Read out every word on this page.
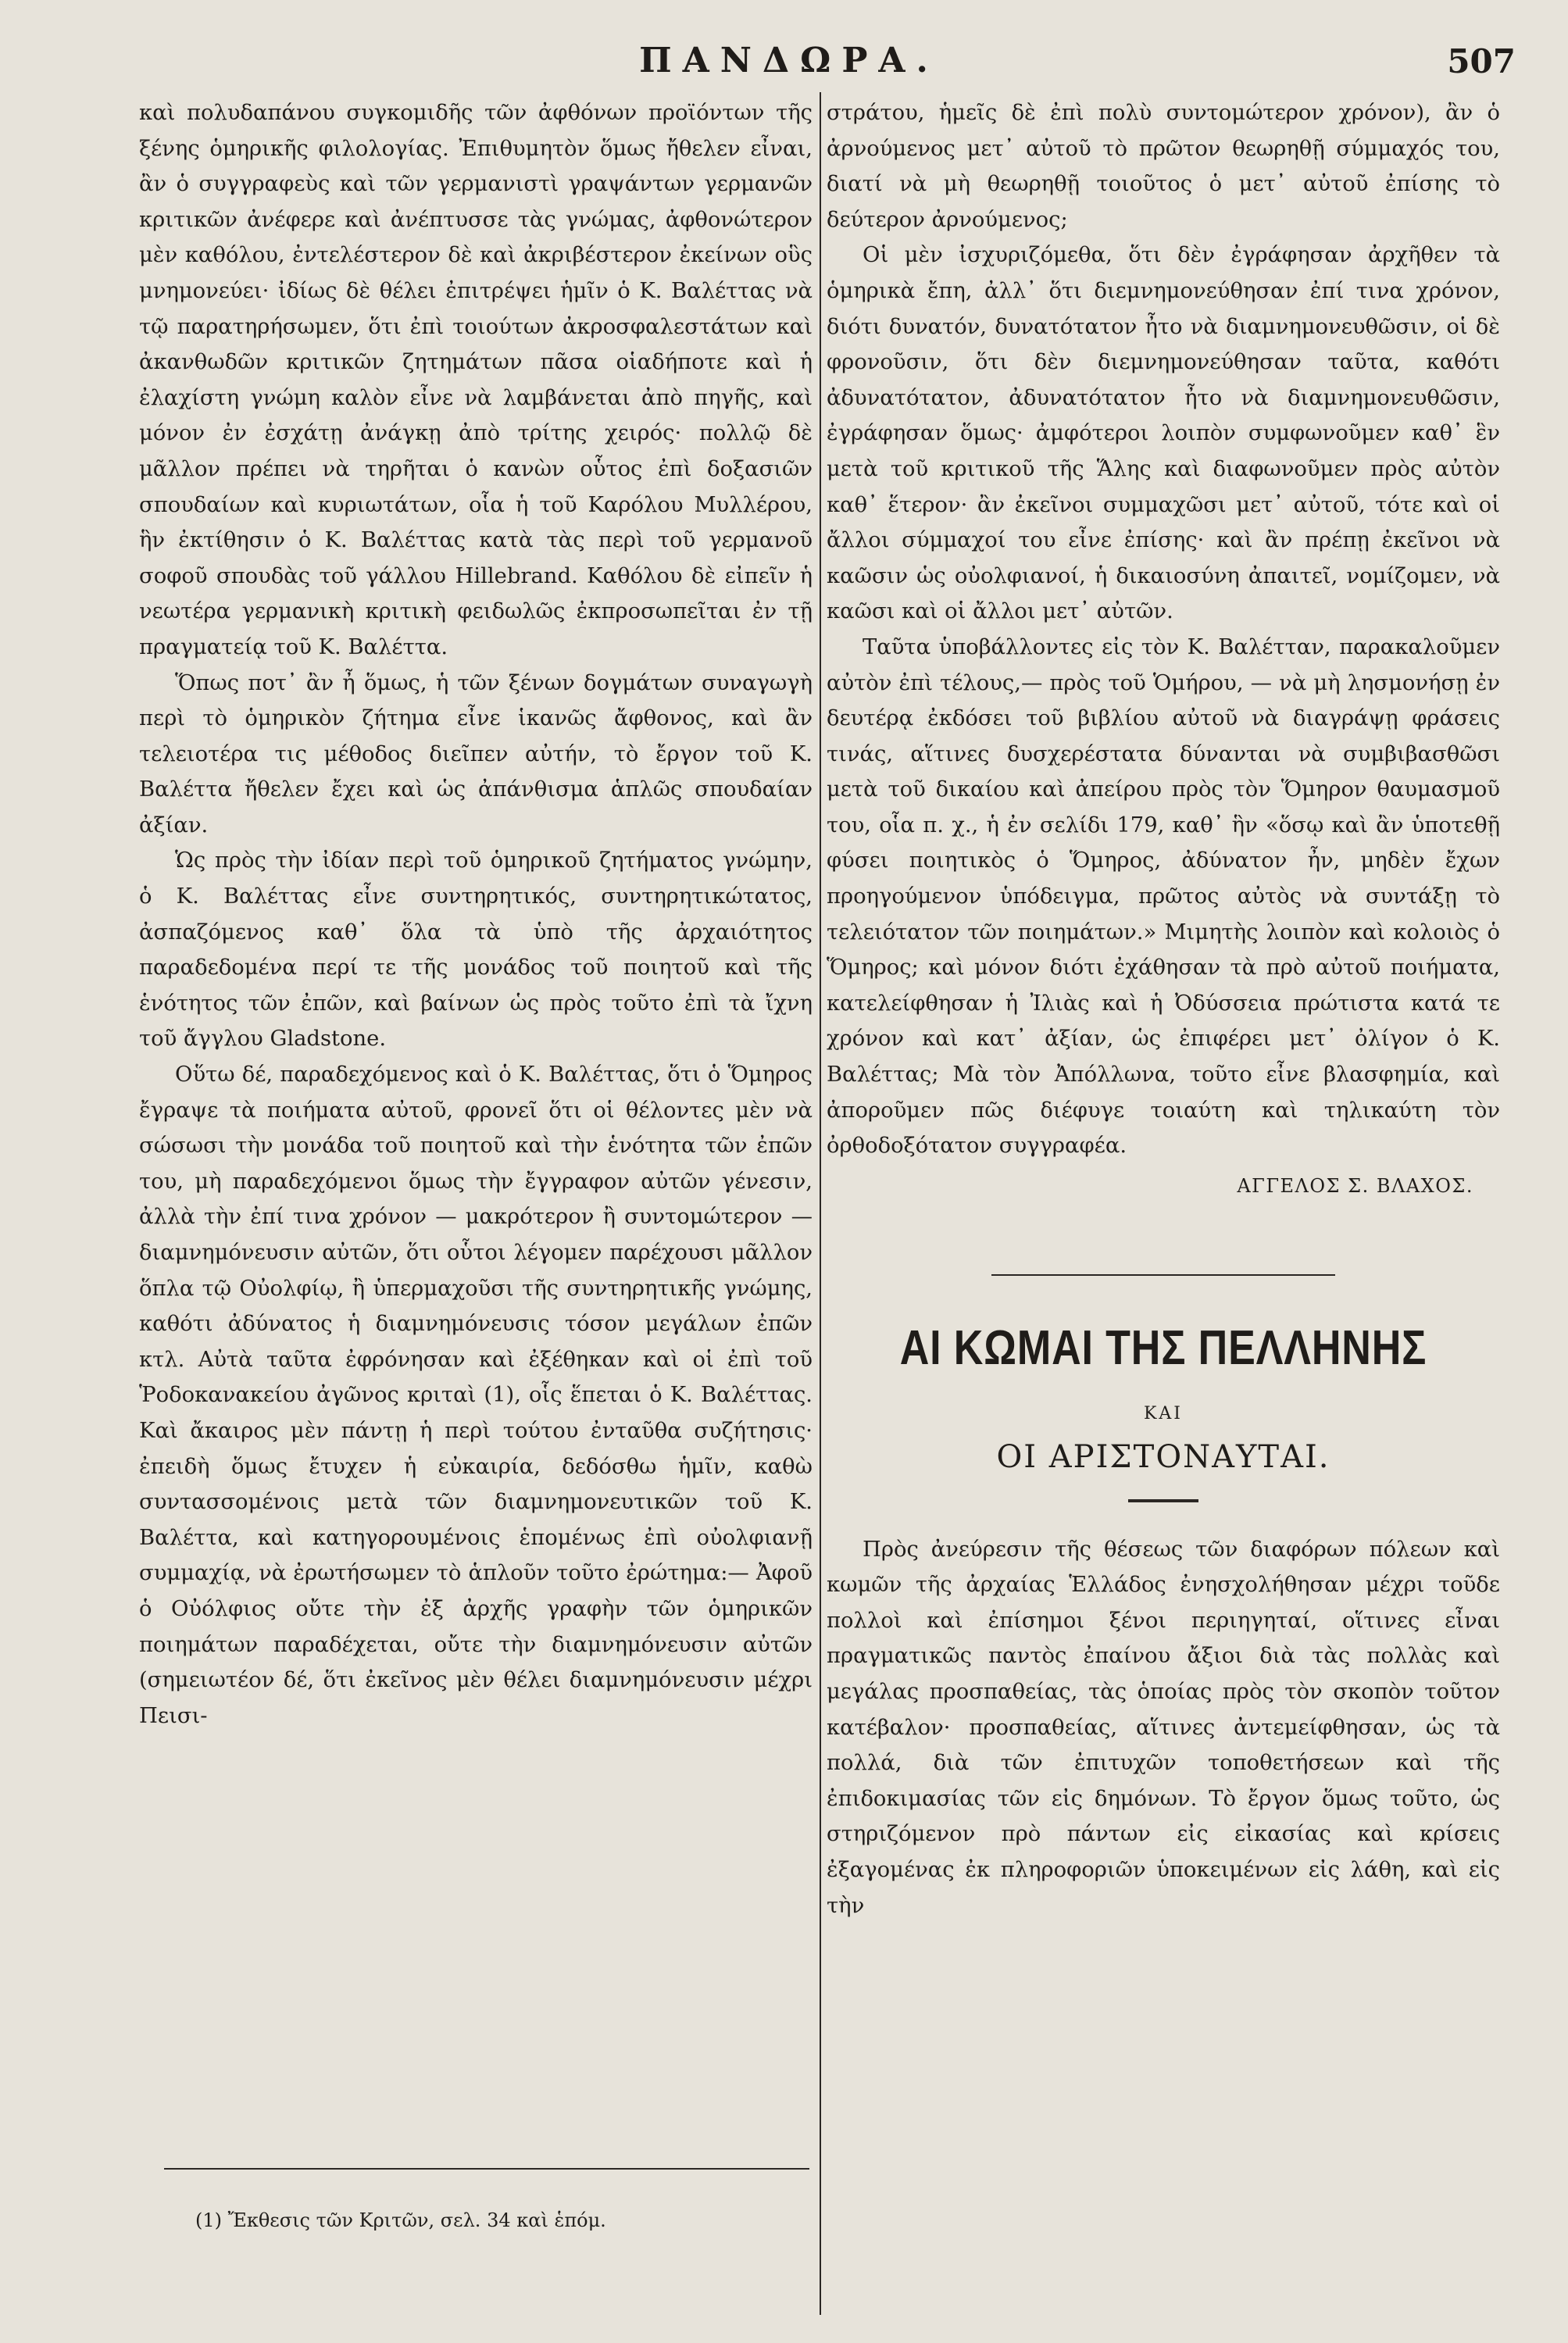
ΠΑΝΔΩΡΑ.	507

καὶ πολυδαπάνου συγκομιδῆς τῶν ἀφθόνων προϊόντων τῆς ξένης ὁμηρικῆς φιλολογίας. Ἐπιθυμητὸν ὅμως ἤθελεν εἶναι, ἂν ὁ συγγραφεὺς καὶ τῶν γερμανιστὶ γραψάντων γερμανῶν κριτικῶν ἀνέφερε καὶ ἀνέπτυσσε τὰς γνώμας, ἀφθονώτερον μὲν καθόλου, ἐντελέστερον δὲ καὶ ἀκριβέστερον ἐκείνων οὓς μνημονεύει· ἰδίως δὲ θέλει ἐπιτρέψει ἡμῖν ὁ Κ. Βαλέττας νὰ τῷ παρατηρήσωμεν, ὅτι ἐπὶ τοιούτων ἀκροσφαλεστάτων καὶ ἀκανθωδῶν κριτικῶν ζητημάτων πᾶσα οἱαδήποτε καὶ ἡ ἐλαχίστη γνώμη καλὸν εἶνε νὰ λαμβάνεται ἀπὸ πηγῆς, καὶ μόνον ἐν ἐσχάτῃ ἀνάγκῃ ἀπὸ τρίτης χειρός· πολλῷ δὲ μᾶλλον πρέπει νὰ τηρῆται ὁ κανὼν οὗτος ἐπὶ δοξασιῶν σπουδαίων καὶ κυριωτάτων, οἷα ἡ τοῦ Καρόλου Μυλλέρου, ἣν ἐκτίθησιν ὁ Κ. Βαλέττας κατὰ τὰς περὶ τοῦ γερμανοῦ σοφοῦ σπουδὰς τοῦ γάλλου Hillebrand. Καθόλου δὲ εἰπεῖν ἡ νεωτέρα γερμανικὴ κριτικὴ φειδωλῶς ἐκπροσωπεῖται ἐν τῇ πραγματείᾳ τοῦ Κ. Βαλέττα.

Ὅπως ποτ᾽ ἂν ἦ ὅμως, ἡ τῶν ξένων δογμάτων συναγωγὴ περὶ τὸ ὁμηρικὸν ζήτημα εἶνε ἱκανῶς ἄφθονος, καὶ ἂν τελειοτέρα τις μέθοδος διεῖπεν αὐτήν, τὸ ἔργον τοῦ Κ. Βαλέττα ἤθελεν ἔχει καὶ ὡς ἀπάνθισμα ἁπλῶς σπουδαίαν ἀξίαν.

Ὡς πρὸς τὴν ἰδίαν περὶ τοῦ ὁμηρικοῦ ζητήματος γνώμην, ὁ Κ. Βαλέττας εἶνε συντηρητικός, συντηρητικώτατος, ἀσπαζόμενος καθ᾽ ὅλα τὰ ὑπὸ τῆς ἀρχαιότητος παραδεδομένα περί τε τῆς μονάδος τοῦ ποιητοῦ καὶ τῆς ἑνότητος τῶν ἐπῶν, καὶ βαίνων ὡς πρὸς τοῦτο ἐπὶ τὰ ἴχνη τοῦ ἄγγλου Gladstone.

Οὕτω δέ, παραδεχόμενος καὶ ὁ Κ. Βαλέττας, ὅτι ὁ Ὅμηρος ἔγραψε τὰ ποιήματα αὐτοῦ, φρονεῖ ὅτι οἱ θέλοντες μὲν νὰ σώσωσι τὴν μονάδα τοῦ ποιητοῦ καὶ τὴν ἑνότητα τῶν ἐπῶν του, μὴ παραδεχόμενοι ὅμως τὴν ἔγγραφον αὐτῶν γένεσιν, ἀλλὰ τὴν ἐπί τινα χρόνον — μακρότερον ἢ συντομώτερον — διαμνημόνευσιν αὐτῶν, ὅτι οὗτοι λέγομεν παρέχουσι μᾶλλον ὅπλα τῷ Οὐολφίῳ, ἢ ὑπερμαχοῦσι τῆς συντηρητικῆς γνώμης, καθότι ἀδύνατος ἡ διαμνημόνευσις τόσον μεγάλων ἐπῶν κτλ. Αὐτὰ ταῦτα ἐφρόνησαν καὶ ἐξέθηκαν καὶ οἱ ἐπὶ τοῦ Ῥοδοκανακείου ἀγῶνος κριταὶ (1), οἷς ἕπεται ὁ Κ. Βαλέττας. Καὶ ἄκαιρος μὲν πάντῃ ἡ περὶ τούτου ἐνταῦθα συζήτησις· ἐπειδὴ ὅμως ἔτυχεν ἡ εὐκαιρία, δεδόσθω ἡμῖν, καθὼ συντασσομένοις μετὰ τῶν διαμνημονευτικῶν τοῦ Κ. Βαλέττα, καὶ κατηγορουμένοις ἑπομένως ἐπὶ οὐολφιανῇ συμμαχίᾳ, νὰ ἐρωτήσωμεν τὸ ἁπλοῦν τοῦτο ἐρώτημα:— Ἀφοῦ ὁ Οὐόλφιος οὔτε τὴν ἐξ ἀρχῆς γραφὴν τῶν ὁμηρικῶν ποιημάτων παραδέχεται, οὔτε τὴν διαμνημόνευσιν αὐτῶν (σημειωτέον δέ, ὅτι ἐκεῖνος μὲν θέλει διαμνημόνευσιν μέχρι Πεισι-

(1) Ἔκθεσις τῶν Κριτῶν, σελ. 34 καὶ ἑπόμ.

στράτου, ἡμεῖς δὲ ἐπὶ πολὺ συντομώτερον χρόνον), ἂν ὁ ἀρνούμενος μετ᾽ αὐτοῦ τὸ πρῶτον θεωρηθῇ σύμμαχός του, διατί νὰ μὴ θεωρηθῇ τοιοῦτος ὁ μετ᾽ αὐτοῦ ἐπίσης τὸ δεύτερον ἀρνούμενος;

Οἱ μὲν ἰσχυριζόμεθα, ὅτι δὲν ἐγράφησαν ἀρχῆθεν τὰ ὁμηρικὰ ἔπη, ἀλλ᾽ ὅτι διεμνημονεύθησαν ἐπί τινα χρόνον, διότι δυνατόν, δυνατότατον ἦτο νὰ διαμνημονευθῶσιν, οἱ δὲ φρονοῦσιν, ὅτι δὲν διεμνημονεύθησαν ταῦτα, καθότι ἀδυνατότατον, ἀδυνατότατον ἦτο νὰ διαμνημονευθῶσιν, ἐγράφησαν ὅμως· ἀμφότεροι λοιπὸν συμφωνοῦμεν καθ᾽ ἓν μετὰ τοῦ κριτικοῦ τῆς Ἅλης καὶ διαφωνοῦμεν πρὸς αὐτὸν καθ᾽ ἕτερον· ἂν ἐκεῖνοι συμμαχῶσι μετ᾽ αὐτοῦ, τότε καὶ οἱ ἄλλοι σύμμαχοί του εἶνε ἐπίσης· καὶ ἂν πρέπῃ ἐκεῖνοι νὰ καῶσιν ὡς οὐολφιανοί, ἡ δικαιοσύνη ἀπαιτεῖ, νομίζομεν, νὰ καῶσι καὶ οἱ ἄλλοι μετ᾽ αὐτῶν.

Ταῦτα ὑποβάλλοντες εἰς τὸν Κ. Βαλέτταν, παρακαλοῦμεν αὐτὸν ἐπὶ τέλους,— πρὸς τοῦ Ὁμήρου, — νὰ μὴ λησμονήσῃ ἐν δευτέρᾳ ἐκδόσει τοῦ βιβλίου αὐτοῦ νὰ διαγράψῃ φράσεις τινάς, αἵτινες δυσχερέστατα δύνανται νὰ συμβιβασθῶσι μετὰ τοῦ δικαίου καὶ ἀπείρου πρὸς τὸν Ὅμηρον θαυμασμοῦ του, οἷα π. χ., ἡ ἐν σελίδι 179, καθ᾽ ἣν «ὅσῳ καὶ ἂν ὑποτεθῇ φύσει ποιητικὸς ὁ Ὅμηρος, ἀδύνατον ἦν, μηδὲν ἔχων προηγούμενον ὑπόδειγμα, πρῶτος αὐτὸς νὰ συντάξῃ τὸ τελειότατον τῶν ποιημάτων.» Μιμητὴς λοιπὸν καὶ κολοιὸς ὁ Ὅμηρος; καὶ μόνον διότι ἐχάθησαν τὰ πρὸ αὐτοῦ ποιήματα, κατελείφθησαν ἡ Ἰλιὰς καὶ ἡ Ὀδύσσεια πρώτιστα κατά τε χρόνον καὶ κατ᾽ ἀξίαν, ὡς ἐπιφέρει μετ᾽ ὀλίγον ὁ Κ. Βαλέττας; Μὰ τὸν Ἀπόλλωνα, τοῦτο εἶνε βλασφημία, καὶ ἀποροῦμεν πῶς διέφυγε τοιαύτη καὶ τηλικαύτη τὸν ὀρθοδοξότατον συγγραφέα.

ΑΓΓΕΛΟΣ Σ. ΒΛΑΧΟΣ.
ΑΙ ΚΩΜΑΙ ΤΗΣ ΠΕΛΛΗΝΗΣ
ΚΑΙ
ΟΙ ΑΡΙΣΤΟΝΑΥΤΑΙ.

Πρὸς ἀνεύρεσιν τῆς θέσεως τῶν διαφόρων πόλεων καὶ κωμῶν τῆς ἀρχαίας Ἑλλάδος ἐνησχολήθησαν μέχρι τοῦδε πολλοὶ καὶ ἐπίσημοι ξένοι περιηγηταί, οἵτινες εἶναι πραγματικῶς παντὸς ἐπαίνου ἄξιοι διὰ τὰς πολλὰς καὶ μεγάλας προσπαθείας, τὰς ὁποίας πρὸς τὸν σκοπὸν τοῦτον κατέβαλον· προσπαθείας, αἵτινες ἀντεμείφθησαν, ὡς τὰ πολλά, διὰ τῶν ἐπιτυχῶν τοποθετήσεων καὶ τῆς ἐπιδοκιμασίας τῶν εἰς δημόνων. Τὸ ἔργον ὅμως τοῦτο, ὡς στηριζόμενον πρὸ πάντων εἰς εἰκασίας καὶ κρίσεις ἐξαγομένας ἐκ πληροφοριῶν ὑποκειμένων εἰς λάθη, καὶ εἰς τὴν
